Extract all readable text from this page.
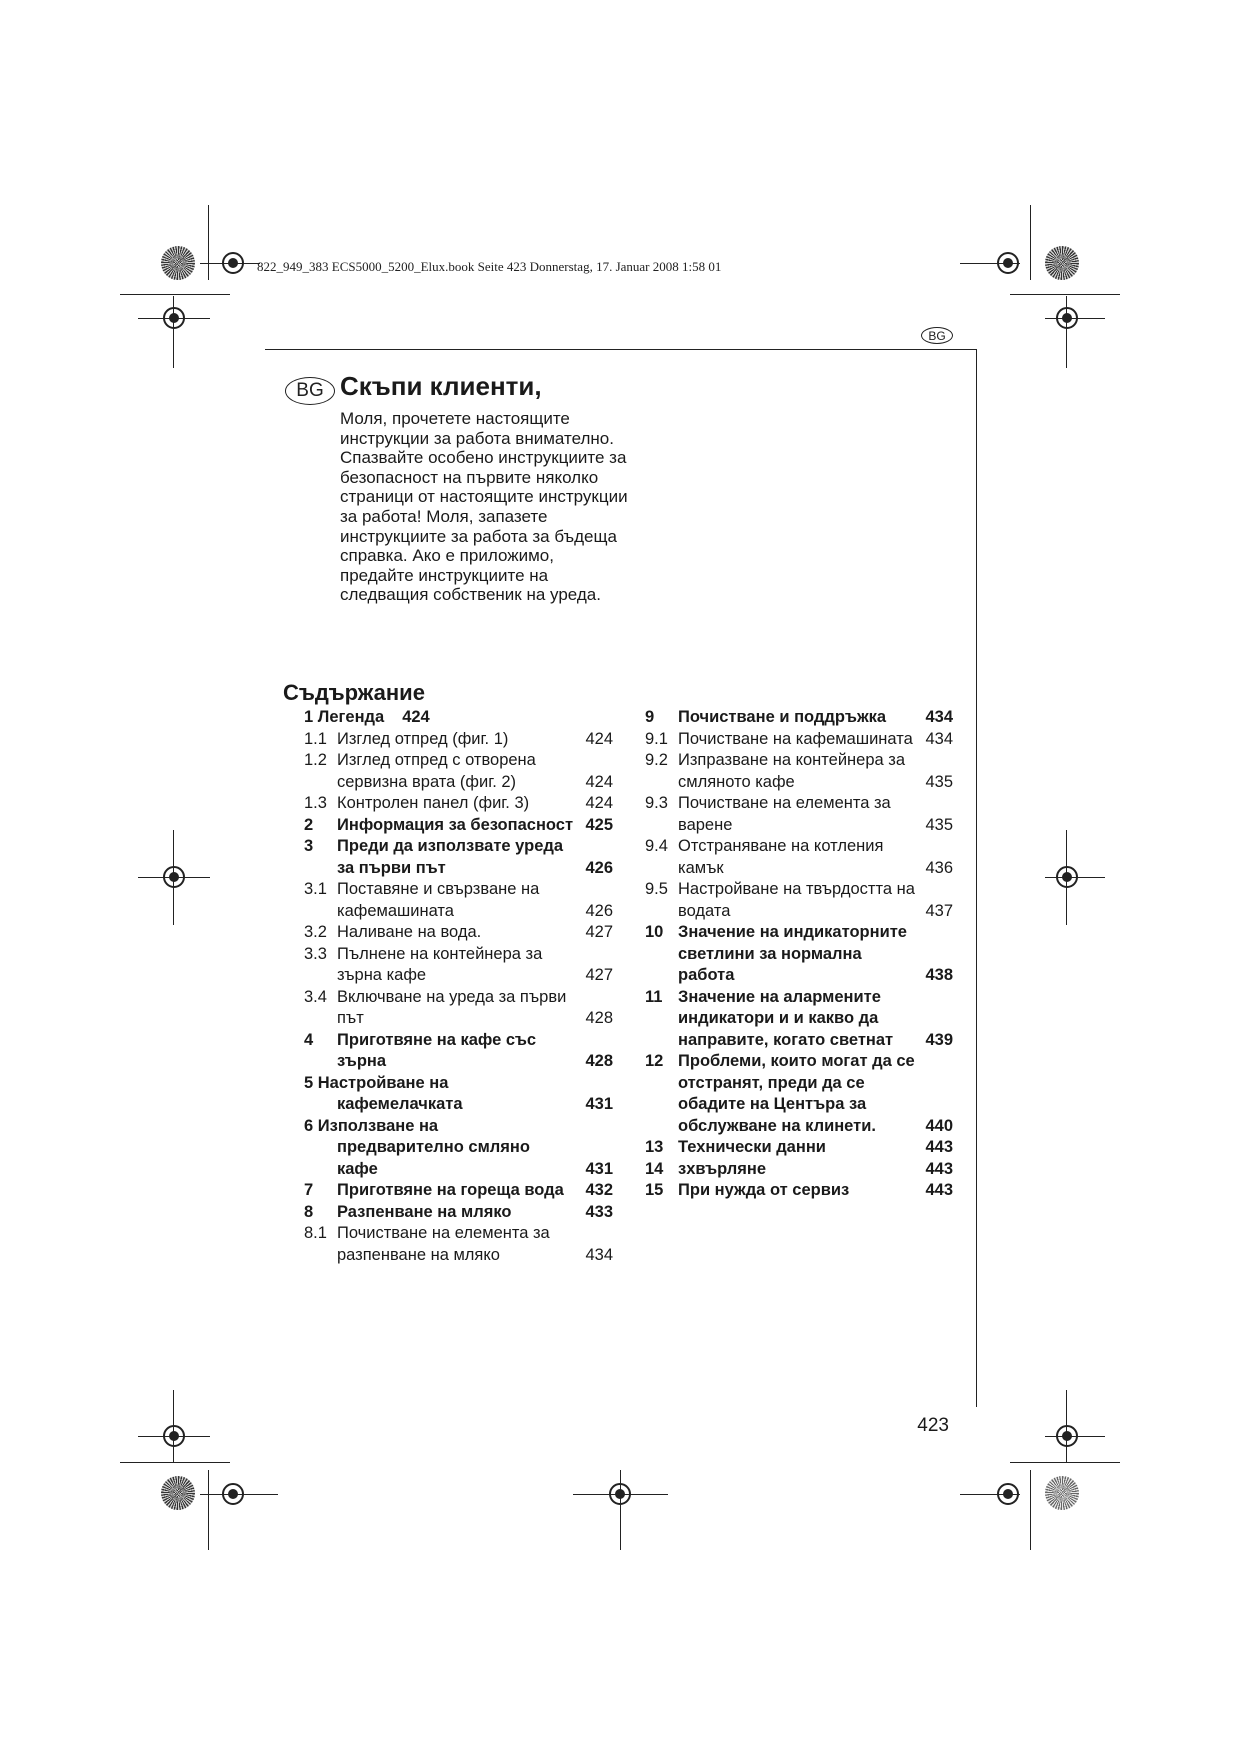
822_949_383 ECS5000_5200_Elux.book Seite 423 Donnerstag, 17. Januar 2008 1:58 01
BG
BG Скъпи клиенти,

Моля, прочетете настоящите инструкции за работа внимателно.

Спазвайте особено инструкциите за безопасност на първите няколко страници от настоящите инструкции за работа! Моля, запазете инструкциите за работа за бъдеща справка. Ако е приложимо, предайте инструкциите на следващия собственик на уреда.

Съдържание
1 Легенда 424
1.1 Изглед отпред (фиг. 1)	424
1.2 Изглед отпред с отворена сервизна врата (фиг. 2)	424
1.3 Контролен панел (фиг. 3)	424
2	Информация за безопасност 425
3	Преди да използвате уреда за първи път	426
3.1 Поставяне и свързване на кафемашината	426
3.2 Наливане на вода.	427
3.3 Пълнене на контейнера за зърна кафе	427
3.4 Включване на уреда за първи път	428
4	Приготвяне на кафе със зърна	428
5 Настройване на
кафемелачката	431
6 Използване на
предварително смляно кафе	431
7	Приготвяне на гореща вода	432
8	Разпенване на мляко	433
8.1 Почистване на елемента за разпенване на мляко	434
9	Почистване и поддръжка	434
9.1 Почистване на кафемашината 434
9.2 Изпразване на контейнера за смляното кафе	435
9.3 Почистване на елемента за варене	435
9.4 Отстраняване на котления камък	436
9.5 Настройване на твърдостта на водата	437
10 Значение на индикаторните светлини за нормална работа	438
11 Значение на алармените индикатори и и какво да направите, когато светнат	439
12 Проблеми, които могат да се отстранят, преди да се обадите на Центъра за обслужване на клинети.	440
13 Технически данни	443
14 зхвърляне	443
15 При нужда от сервиз	443
423
